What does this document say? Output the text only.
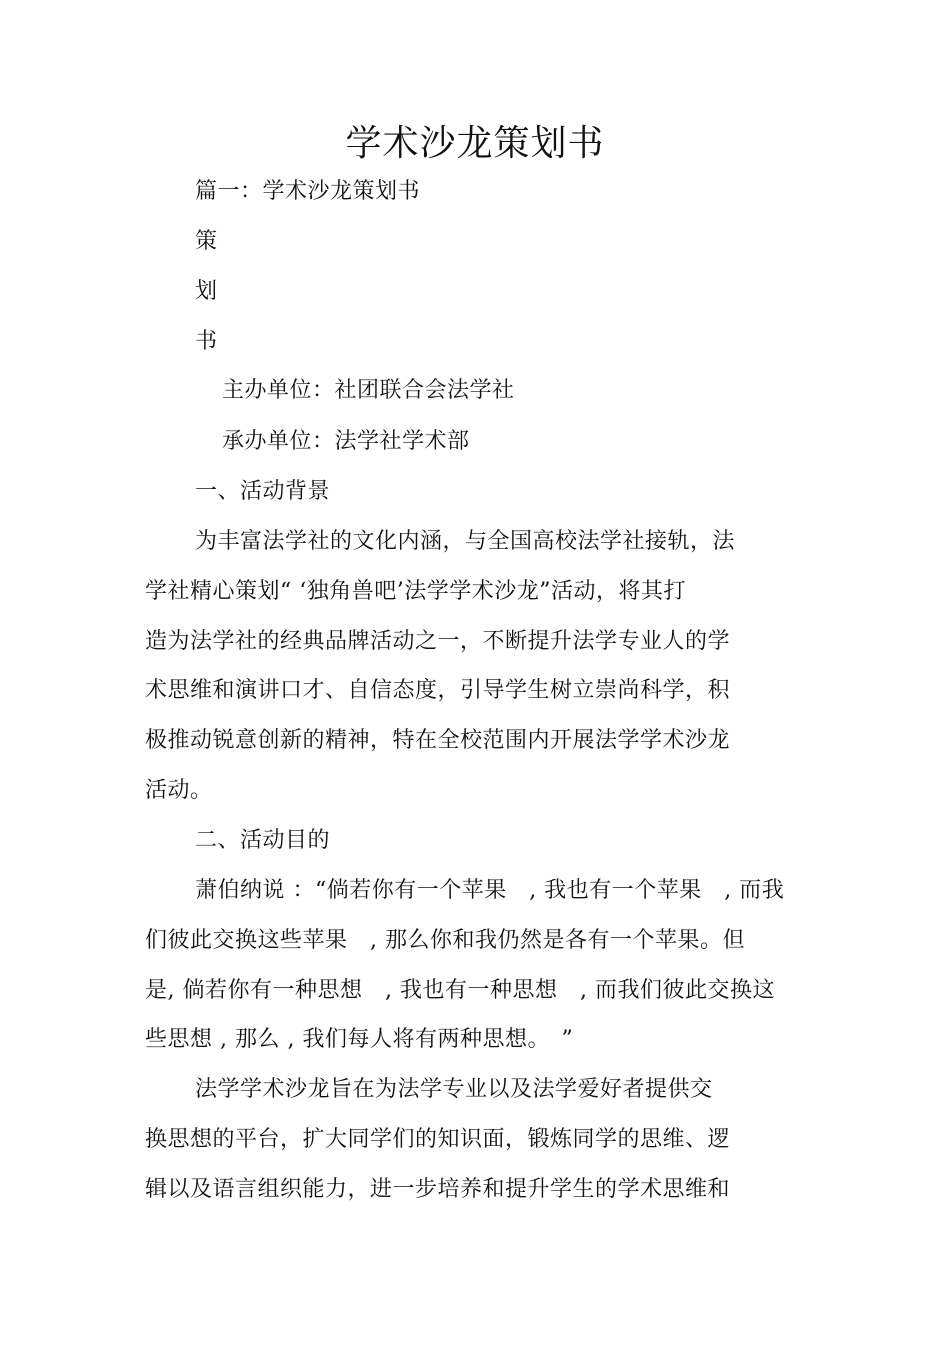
学术沙龙策划书
篇一：学术沙龙策划书
策
划
书
主办单位：社团联合会法学社
承办单位：法学社学术部
一、活动背景
为丰富法学社的文化内涵，与全国高校法学社接轨，法
学社精心策划“ ‘独角兽吧’法学学术沙龙”活动，将其打
造为法学社的经典品牌活动之一，不断提升法学专业人的学
术思维和演讲口才、自信态度，引导学生树立崇尚科学，积
极推动锐意创新的精神，特在全校范围内开展法学学术沙龙
活动。
二、活动目的
萧伯纳说 ：“倘若你有一个苹果　, 我也有一个苹果　, 而我
们彼此交换这些苹果　, 那么你和我仍然是各有一个苹果。但
是, 倘若你有一种思想　, 我也有一种思想　, 而我们彼此交换这
些思想 , 那么 , 我们每人将有两种思想。　”
法学学术沙龙旨在为法学专业以及法学爱好者提供交
换思想的平台，扩大同学们的知识面，锻炼同学的思维、逻
辑以及语言组织能力，进一步培养和提升学生的学术思维和
